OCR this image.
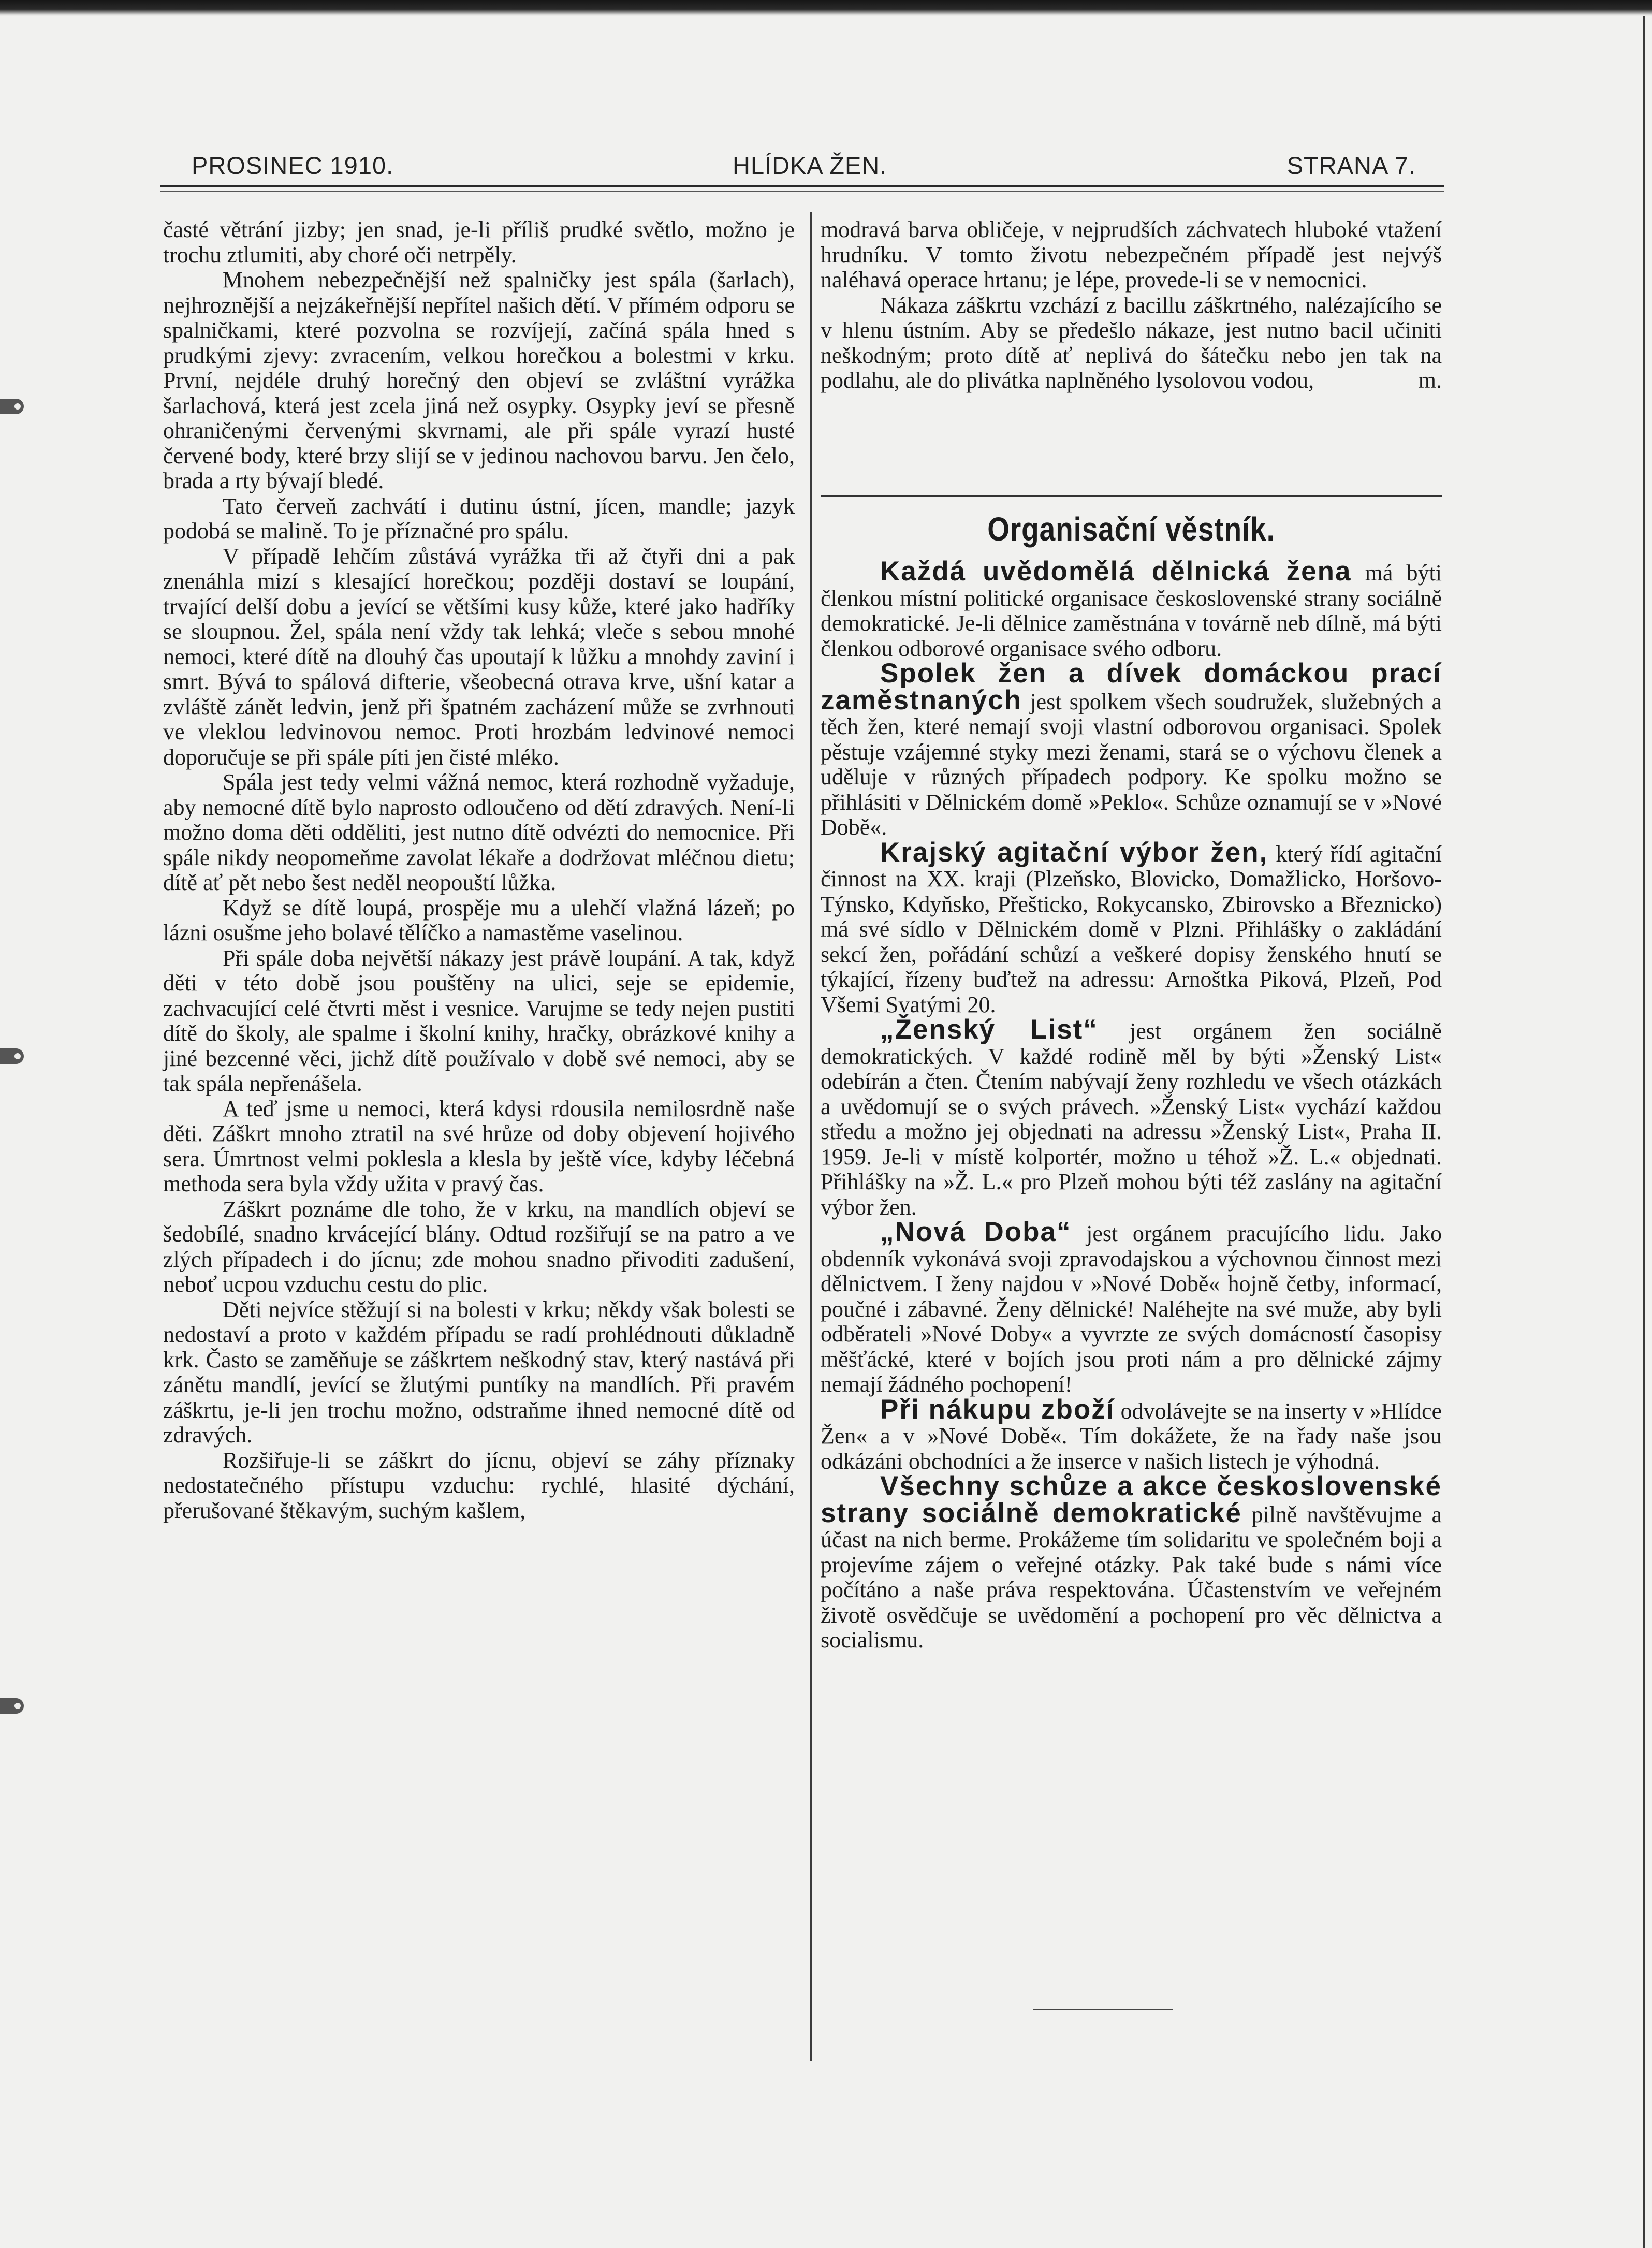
PROSINEC 1910.	HLÍDKA ŽEN.	STRANA 7.

časté větrání jizby; jen snad, je-li příliš prudké světlo, možno je trochu ztlumiti, aby choré oči netrpěly.

Mnohem nebezpečnější než spalničky jest spála (šarlach), nejhroznější a nejzákeřnější nepřítel našich dětí. V přímém odporu se spalničkami, které pozvolna se rozvíjejí, začíná spála hned s prudkými zjevy: zvracením, velkou horečkou a bolestmi v krku. První, nejdéle druhý horečný den objeví se zvláštní vyrážka šarlachová, která jest zcela jiná než osypky. Osypky jeví se přesně ohraničenými červenými skvrnami, ale při spále vyrazí husté červené body, které brzy slijí se v jedinou nachovou barvu. Jen čelo, brada a rty bývají bledé.

Tato červeň zachvátí i dutinu ústní, jícen, mandle; jazyk podobá se malině. To je příznačné pro spálu.

V případě lehčím zůstává vyrážka tři až čtyři dni a pak znenáhla mizí s klesající horečkou; později dostaví se loupání, trvající delší dobu a jevící se většími kusy kůže, které jako hadříky se sloupnou. Žel, spála není vždy tak lehká; vleče s sebou mnohé nemoci, které dítě na dlouhý čas upoutají k lůžku a mnohdy zaviní i smrt. Bývá to spálová difterie, všeobecná otrava krve, ušní katar a zvláště zánět ledvin, jenž při špatném zacházení může se zvrhnouti ve vleklou ledvinovou nemoc. Proti hrozbám ledvinové nemoci doporučuje se při spále píti jen čisté mléko.

Spála jest tedy velmi vážná nemoc, která rozhodně vyžaduje, aby nemocné dítě bylo naprosto odloučeno od dětí zdravých. Není-li možno doma děti odděliti, jest nutno dítě odvézti do nemocnice. Při spále nikdy neopomeňme zavolat lékaře a dodržovat mléčnou dietu; dítě ať pět nebo šest neděl neopouští lůžka.

Když se dítě loupá, prospěje mu a ulehčí vlažná lázeň; po lázni osušme jeho bolavé tělíčko a namastěme vaselinou.

Při spále doba největší nákazy jest právě loupání. A tak, když děti v této době jsou pouštěny na ulici, seje se epidemie, zachvacující celé čtvrti měst i vesnice. Varujme se tedy nejen pustiti dítě do školy, ale spalme i školní knihy, hračky, obrázkové knihy a jiné bezcenné věci, jichž dítě používalo v době své nemoci, aby se tak spála nepřenášela.

A teď jsme u nemoci, která kdysi rdousila nemilosrdně naše děti. Záškrt mnoho ztratil na své hrůze od doby objevení hojivého sera. Úmrtnost velmi poklesla a klesla by ještě více, kdyby léčebná methoda sera byla vždy užita v pravý čas.

Záškrt poznáme dle toho, že v krku, na mandlích objeví se šedobílé, snadno krvácející blány. Odtud rozšiřují se na patro a ve zlých případech i do jícnu; zde mohou snadno přivoditi zadušení, neboť ucpou vzduchu cestu do plic.

Děti nejvíce stěžují si na bolesti v krku; někdy však bolesti se nedostaví a proto v každém případu se radí prohlédnouti důkladně krk. Často se zaměňuje se záškrtem neškodný stav, který nastává při zánětu mandlí, jevící se žlutými puntíky na mandlích. Při pravém záškrtu, je-li jen trochu možno, odstraňme ihned nemocné dítě od zdravých.

Rozšiřuje-li se záškrt do jícnu, objeví se záhy příznaky nedostatečného přístupu vzduchu: rychlé, hlasité dýchání, přerušované štěkavým, suchým kašlem,

modravá barva obličeje, v nejprudších záchvatech hluboké vtažení hrudníku. V tomto životu nebezpečném případě jest nejvýš naléhavá operace hrtanu; je lépe, provede-li se v nemocnici.

Nákaza záškrtu vzchází z bacillu záškrtného, nalézajícího se v hlenu ústním. Aby se předešlo nákaze, jest nutno bacil učiniti neškodným; proto dítě ať neplivá do šátečku nebo jen tak na podlahu, ale do plivátka naplněného lysolovou vodou,	m.

Organisační věstník.

Každá uvědomělá dělnická žena má býti členkou místní politické organisace československé strany sociálně demokratické. Je-li dělnice zaměstnána v továrně neb dílně, má býti členkou odborové organisace svého odboru.

Spolek žen a dívek domáckou prací zaměstnaných jest spolkem všech soudružek, služebných a těch žen, které nemají svoji vlastní odborovou organisaci. Spolek pěstuje vzájemné styky mezi ženami, stará se o výchovu členek a uděluje v různých případech podpory. Ke spolku možno se přihlásiti v Dělnickém domě »Peklo«. Schůze oznamují se v »Nové Době«.

Krajský agitační výbor žen, který řídí agitační činnost na XX. kraji (Plzeňsko, Blovicko, Domažlicko, Horšovo-Týnsko, Kdyňsko, Přešticko, Rokycansko, Zbirovsko a Březnicko) má své sídlo v Dělnickém domě v Plzni. Přihlášky o zakládání sekcí žen, pořádání schůzí a veškeré dopisy ženského hnutí se týkající, řízeny buďtež na adressu: Arnoštka Piková, Plzeň, Pod Všemi Svatými 20.

„Ženský List“ jest orgánem žen sociálně demokratických. V každé rodině měl by býti »Ženský List« odebírán a čten. Čtením nabývají ženy rozhledu ve všech otázkách a uvědomují se o svých právech. »Ženský List« vychází každou středu a možno jej objednati na adressu »Ženský List«, Praha II. 1959. Je-li v místě kolportér, možno u téhož »Ž. L.« objednati. Přihlášky na »Ž. L.« pro Plzeň mohou býti též zaslány na agitační výbor žen.

„Nová Doba“ jest orgánem pracujícího lidu. Jako obdenník vykonává svoji zpravodajskou a výchovnou činnost mezi dělnictvem. I ženy najdou v »Nové Době« hojně četby, informací, poučné i zábavné. Ženy dělnické! Naléhejte na své muže, aby byli odběrateli »Nové Doby« a vyvrzte ze svých domácností časopisy měšťácké, které v bojích jsou proti nám a pro dělnické zájmy nemají žádného pochopení!

Při nákupu zboží odvolávejte se na inserty v »Hlídce Žen« a v »Nové Době«. Tím dokážete, že na řady naše jsou odkázáni obchodníci a že inserce v našich listech je výhodná.

Všechny schůze a akce československé strany sociálně demokratické pilně navštěvujme a účast na nich berme. Prokážeme tím solidaritu ve společném boji a projevíme zájem o veřejné otázky. Pak také bude s námi více počítáno a naše práva respektována. Účastenstvím ve veřejném životě osvědčuje se uvědomění a pochopení pro věc dělnictva a socialismu.
